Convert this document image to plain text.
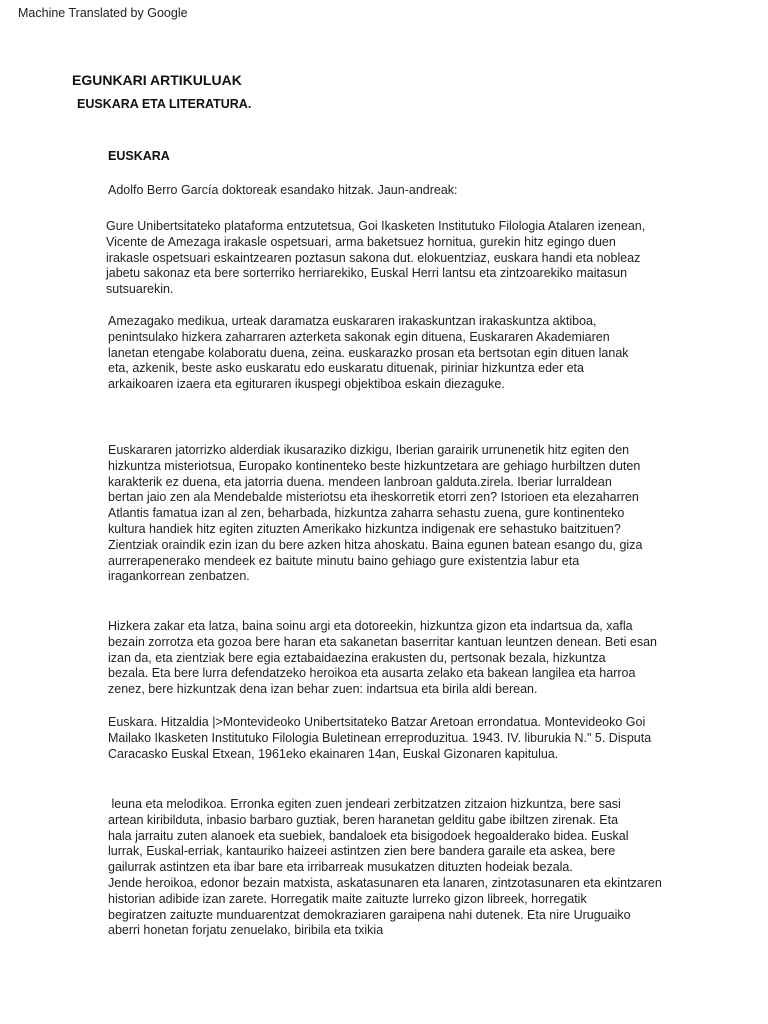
Machine Translated by Google
EGUNKARI ARTIKULUAK
EUSKARA ETA LITERATURA.
EUSKARA

Adolfo Berro García doktoreak esandako hitzak. Jaun-andreak:

Gure Unibertsitateko plataforma entzutetsua, Goi Ikasketen Institutuko Filologia Atalaren izenean,
Vicente de Amezaga irakasle ospetsuari, arma baketsuez hornitua, gurekin hitz egingo duen
irakasle ospetsuari eskaintzearen poztasun sakona dut. elokuentziaz, euskara handi eta nobleaz
jabetu sakonaz eta bere sorterriko herriarekiko, Euskal Herri lantsu eta zintzoarekiko maitasun
sutsuarekin.

Amezagako medikua, urteak daramatza euskararen irakaskuntzan irakaskuntza aktiboa,
penintsulako hizkera zaharraren azterketa sakonak egin dituena, Euskararen Akademiaren
lanetan etengabe kolaboratu duena, zeina. euskarazko prosan eta bertsotan egin dituen lanak
eta, azkenik, beste asko euskaratu edo euskaratu dituenak, piriniar hizkuntza eder eta
arkaikoaren izaera eta egituraren ikuspegi objektiboa eskain diezaguke.

Euskararen jatorrizko alderdiak ikusaraziko dizkigu, Iberian garairik urrunenetik hitz egiten den
hizkuntza misteriotsua, Europako kontinenteko beste hizkuntzetara are gehiago hurbiltzen duten
karakterik ez duena, eta jatorria duena. mendeen lanbroan galduta.zirela. Iberiar lurraldean
bertan jaio zen ala Mendebalde misteriotsu eta iheskorretik etorri zen? Istorioen eta elezaharren
Atlantis famatua izan al zen, beharbada, hizkuntza zaharra sehastu zuena, gure kontinenteko
kultura handiek hitz egiten zituzten Amerikako hizkuntza indigenak ere sehastuko baitzituen?
Zientziak oraindik ezin izan du bere azken hitza ahoskatu. Baina egunen batean esango du, giza
aurrerapenerako mendeek ez baitute minutu baino gehiago gure existentzia labur eta
iragankorrean zenbatzen.

Hizkera zakar eta latza, baina soinu argi eta dotoreekin, hizkuntza gizon eta indartsua da, xafla
bezain zorrotza eta gozoa bere haran eta sakanetan baserritar kantuan leuntzen denean. Beti esan
izan da, eta zientziak bere egia eztabaidaezina erakusten du, pertsonak bezala, hizkuntza
bezala. Eta bere lurra defendatzeko heroikoa eta ausarta zelako eta bakean langilea eta harroa
zenez, bere hizkuntzak dena izan behar zuen: indartsua eta birila aldi berean.

Euskara. Hitzaldia |>Montevideoko Unibertsitateko Batzar Aretoan errondatua. Montevideoko Goi
Mailako Ikasketen Institutuko Filologia Buletinean erreproduzitua. 1943. IV. liburukia N." 5. Disputa
Caracasko Euskal Etxean, 1961eko ekainaren 14an, Euskal Gizonaren kapitulua.

leuna eta melodikoa. Erronka egiten zuen jendeari zerbitzatzen zitzaion hizkuntza, bere sasi
artean kiribilduta, inbasio barbaro guztiak, beren haranetan gelditu gabe ibiltzen zirenak. Eta
hala jarraitu zuten alanoek eta suebiek, bandaloek eta bisigodoek hegoalderako bidea. Euskal
lurrak, Euskal-erriak, kantauriko haizeei astintzen zien bere bandera garaile eta askea, bere
gailurrak astintzen eta ibar bare eta irribarreak musukatzen dituzten hodeiak bezala.
Jende heroikoa, edonor bezain matxista, askatasunaren eta lanaren, zintzotasunaren eta ekintzaren
historian adibide izan zarete. Horregatik maite zaituzte lurreko gizon libreek, horregatik
begiratzen zaituzte munduarentzat demokraziaren garaipena nahi dutenek. Eta nire Uruguaiko
aberri honetan forjatu zenuelako, biribila eta txikia
